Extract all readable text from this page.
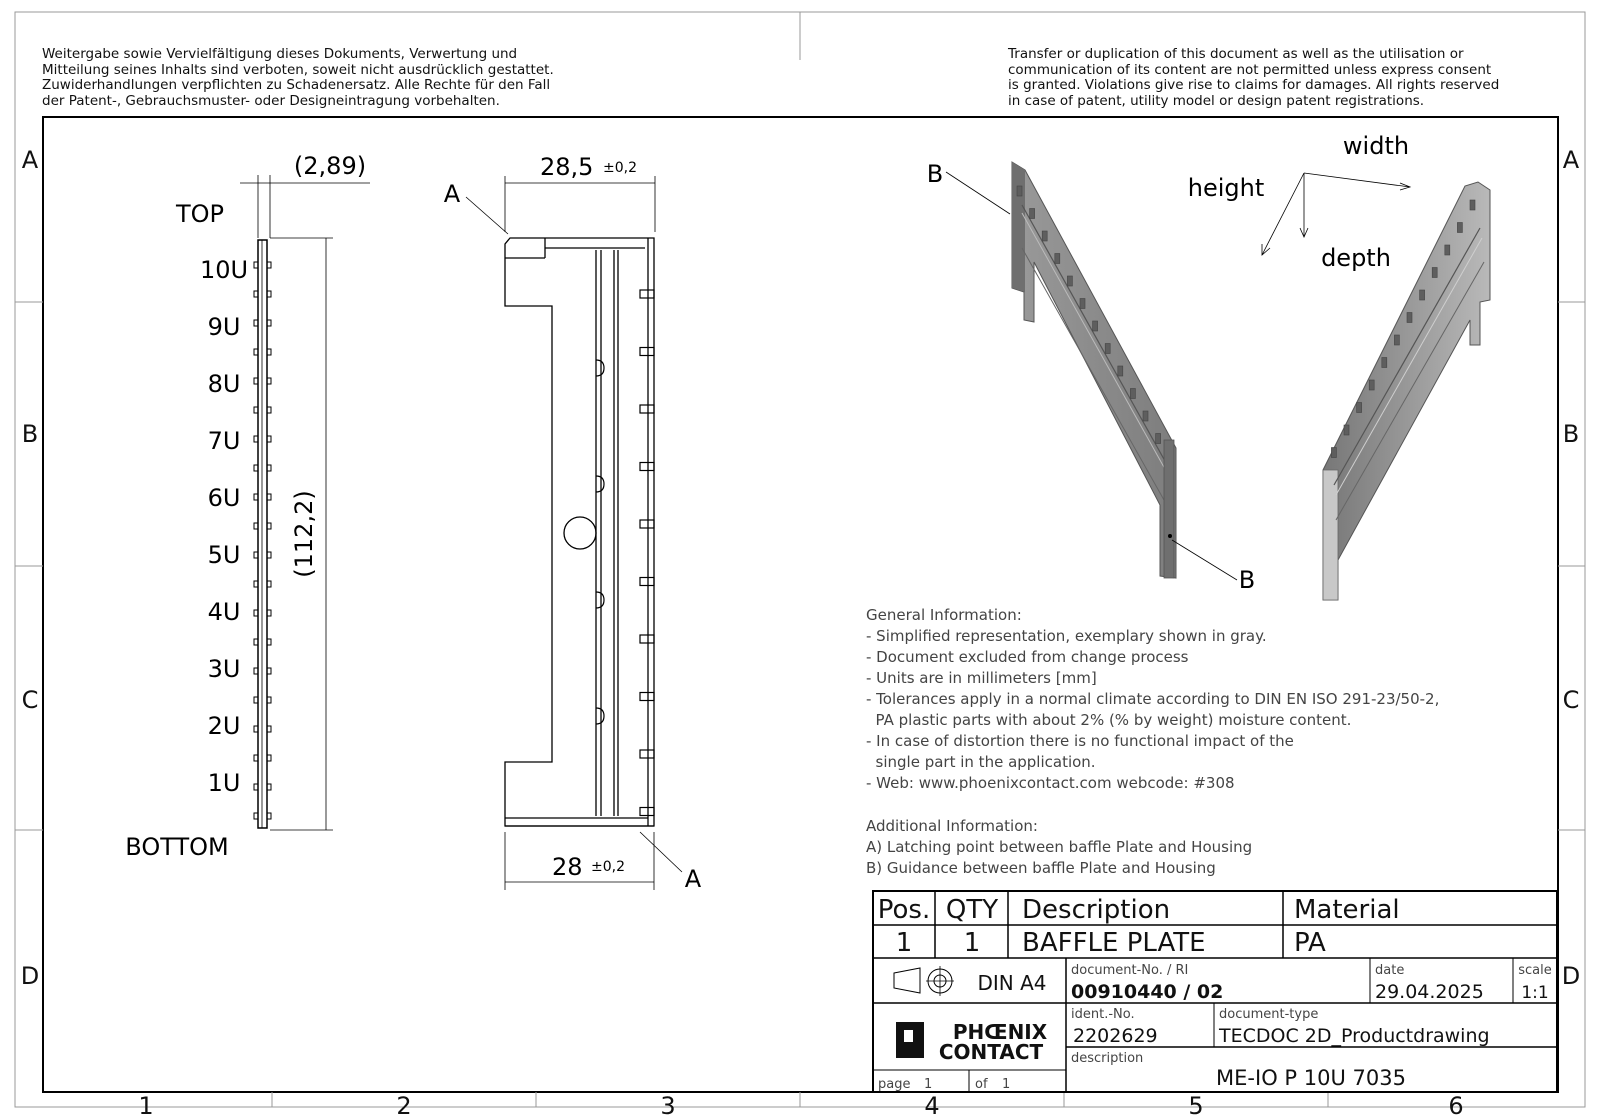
A
B
C
D
A
B
C
D
1	2	3	4	5	6
(2,89)
TOP
BOTTOM
(112,2)
10U
9U
8U
7U
6U
5U
4U
3U
2U
1U
28,5 ±0,2
28 ±0,2
A
A
B
B
width
height
depth
Pos. QTY Description	Material
1 1 BAFFLE PLATE	PA
DIN A4
document-No. / RI
00910440 / 02
date
29.04.2025
scale
1:1
ident.-No.
2202629
document-type
TECDOC 2D_Productdrawing
description
ME-IO P 10U 7035
page 1	of 1
PHŒNIX
CONTACT
Weitergabe sowie Vervielfältigung dieses Dokuments, Verwertung und
Mitteilung seines Inhalts sind verboten, soweit nicht ausdrücklich gestattet.
Zuwiderhandlungen verpflichten zu Schadenersatz. Alle Rechte für den Fall
der Patent-, Gebrauchsmuster- oder Designeintragung vorbehalten.
Transfer or duplication of this document as well as the utilisation or
communication of its content are not permitted unless express consent
is granted. Violations give rise to claims for damages. All rights reserved
in case of patent, utility model or design patent registrations.
General Information:
- Simplified representation, exemplary shown in gray.
- Document excluded from change process
- Units are in millimeters [mm]
- Tolerances apply in a normal climate according to DIN EN ISO 291-23/50-2,
PA plastic parts with about 2% (% by weight) moisture content.
- In case of distortion there is no functional impact of the
single part in the application.
- Web: www.phoenixcontact.com webcode: #308
Additional Information:
A) Latching point between baffle Plate and Housing
B) Guidance between baffle Plate and Housing
